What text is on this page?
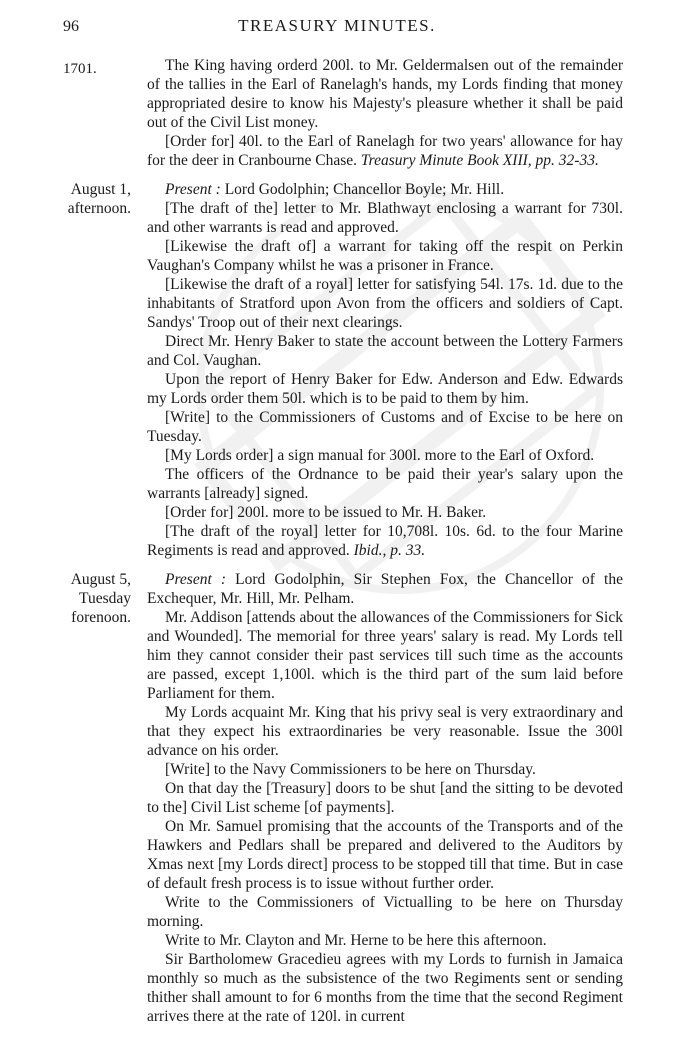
96	TREASURY MINUTES.
1701.	The King having orderd 200l. to Mr. Geldermalsen out of the remainder of the tallies in the Earl of Ranelagh's hands, my Lords finding that money appropriated desire to know his Majesty's pleasure whether it shall be paid out of the Civil List money.

[Order for] 40l. to the Earl of Ranelagh for two years' allowance for hay for the deer in Cranbourne Chase. Treasury Minute Book XIII, pp. 32-33.

August 1,
afternoon.

Present : Lord Godolphin; Chancellor Boyle; Mr. Hill.

[The draft of the] letter to Mr. Blathwayt enclosing a warrant for 730l. and other warrants is read and approved.

[Likewise the draft of] a warrant for taking off the respit on Perkin Vaughan's Company whilst he was a prisoner in France.

[Likewise the draft of a royal] letter for satisfying 54l. 17s. 1d. due to the inhabitants of Stratford upon Avon from the officers and soldiers of Capt. Sandys' Troop out of their next clearings.

Direct Mr. Henry Baker to state the account between the Lottery Farmers and Col. Vaughan.

Upon the report of Henry Baker for Edw. Anderson and Edw. Edwards my Lords order them 50l. which is to be paid to them by him.

[Write] to the Commissioners of Customs and of Excise to be here on Tuesday.

[My Lords order] a sign manual for 300l. more to the Earl of Oxford.

The officers of the Ordnance to be paid their year's salary upon the warrants [already] signed.

[Order for] 200l. more to be issued to Mr. H. Baker.

[The draft of the royal] letter for 10,708l. 10s. 6d. to the four Marine Regiments is read and approved. Ibid., p. 33.

August 5,
Tuesday
forenoon.

Present : Lord Godolphin, Sir Stephen Fox, the Chancellor of the Exchequer, Mr. Hill, Mr. Pelham.

Mr. Addison [attends about the allowances of the Commissioners for Sick and Wounded]. The memorial for three years' salary is read. My Lords tell him they cannot consider their past services till such time as the accounts are passed, except 1,100l. which is the third part of the sum laid before Parliament for them.

My Lords acquaint Mr. King that his privy seal is very extraordinary and that they expect his extraordinaries be very reasonable. Issue the 300l advance on his order.

[Write] to the Navy Commissioners to be here on Thursday.

On that day the [Treasury] doors to be shut [and the sitting to be devoted to the] Civil List scheme [of payments].

On Mr. Samuel promising that the accounts of the Transports and of the Hawkers and Pedlars shall be prepared and delivered to the Auditors by Xmas next [my Lords direct] process to be stopped till that time. But in case of default fresh process is to issue without further order.

Write to the Commissioners of Victualling to be here on Thursday morning.

Write to Mr. Clayton and Mr. Herne to be here this afternoon.

Sir Bartholomew Gracedieu agrees with my Lords to furnish in Jamaica monthly so much as the subsistence of the two Regiments sent or sending thither shall amount to for 6 months from the time that the second Regiment arrives there at the rate of 120l. in current
